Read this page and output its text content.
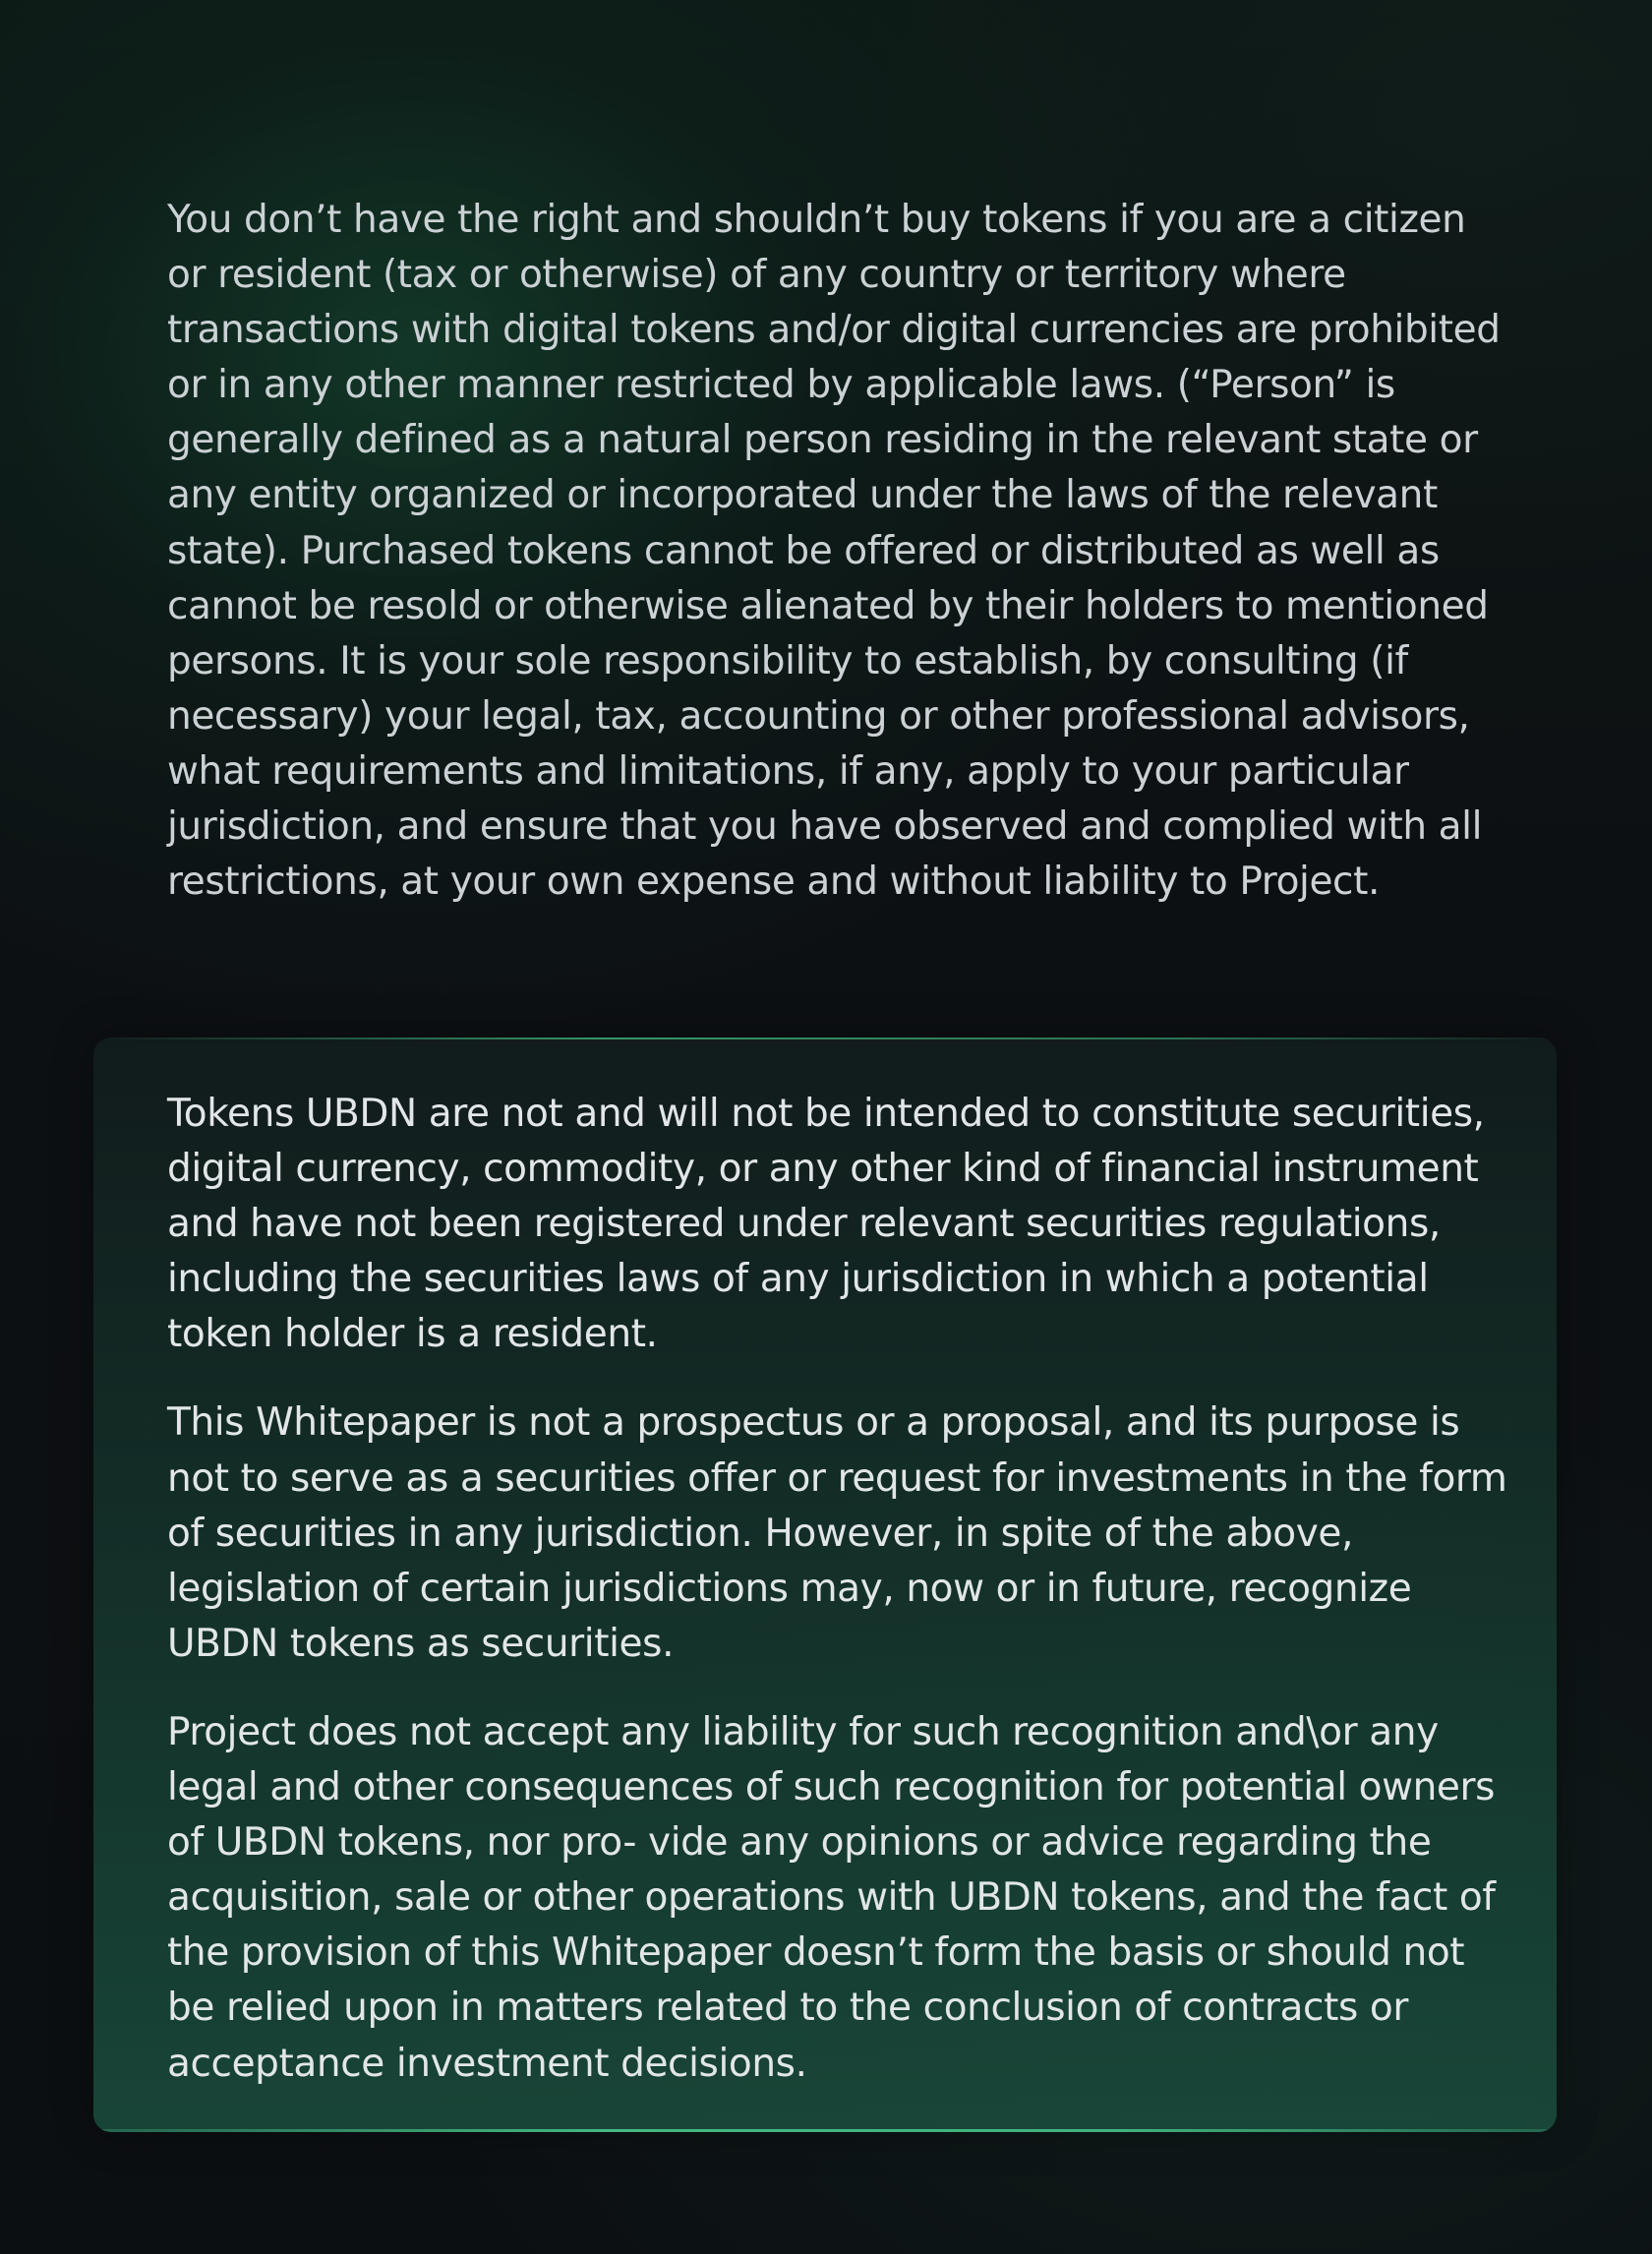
You don’t have the right and shouldn’t buy tokens if you are a citizen or resident (tax or otherwise) of any country or territory where transactions with digital tokens and/or digital currencies are prohibited or in any other manner restricted by applicable laws. (“Person” is generally defined as a natural person residing in the relevant state or any entity organized or incorporated under the laws of the relevant state). Purchased tokens cannot be offered or distributed as well as cannot be resold or otherwise alienated by their holders to mentioned persons. It is your sole responsibility to establish, by consulting (if necessary) your legal, tax, accounting or other professional advisors, what requirements and limitations, if any, apply to your particular jurisdiction, and ensure that you have observed and complied with all restrictions, at your own expense and without liability to Project.

Tokens UBDN are not and will not be intended to constitute securities, digital currency, commodity, or any other kind of financial instrument and have not been registered under relevant securities regulations, including the securities laws of any jurisdiction in which a potential token holder is a resident.

This Whitepaper is not a prospectus or a proposal, and its purpose is not to serve as a securities offer or request for investments in the form of securities in any jurisdiction. However, in spite of the above, legislation of certain jurisdictions may, now or in future, recognize UBDN tokens as securities.

Project does not accept any liability for such recognition and\or any legal and other consequences of such recognition for potential owners of UBDN tokens, nor pro- vide any opinions or advice regarding the acquisition, sale or other operations with UBDN tokens, and the fact of the provision of this Whitepaper doesn’t form the basis or should not be relied upon in matters related to the conclusion of contracts or acceptance investment decisions.
